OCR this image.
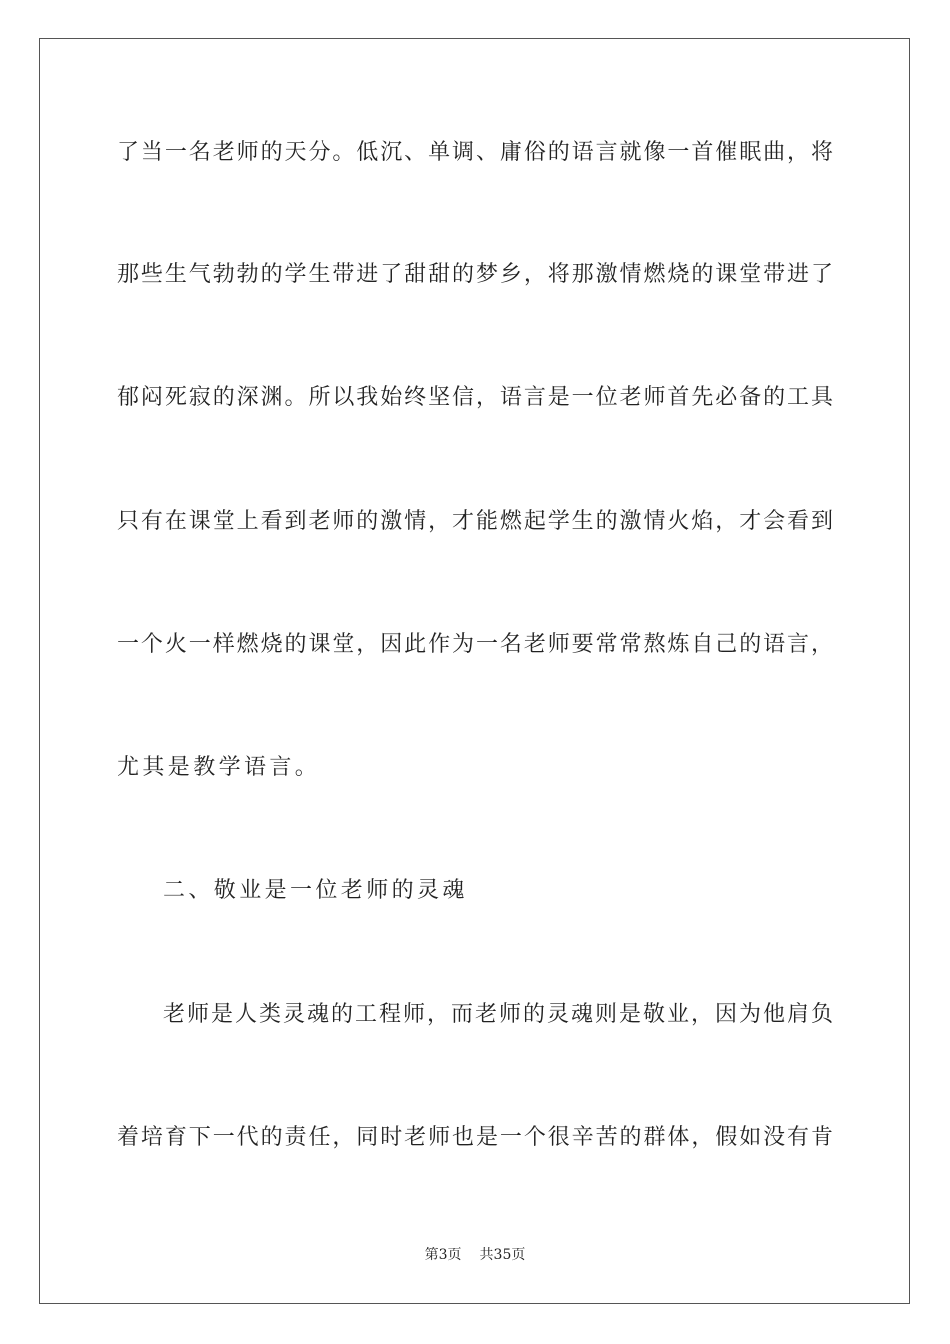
了当一名老师的天分。低沉、单调、庸俗的语言就像一首催眠曲，将
那些生气勃勃的学生带进了甜甜的梦乡，将那激情燃烧的课堂带进了
郁闷死寂的深渊。所以我始终坚信，语言是一位老师首先必备的工具
只有在课堂上看到老师的激情，才能燃起学生的激情火焰，才会看到
一个火一样燃烧的课堂，因此作为一名老师要常常熬炼自己的语言，
尤其是教学语言。
二、敬业是一位老师的灵魂
老师是人类灵魂的工程师，而老师的灵魂则是敬业，因为他肩负
着培育下一代的责任，同时老师也是一个很辛苦的群体，假如没有肯
第3页 共35页
